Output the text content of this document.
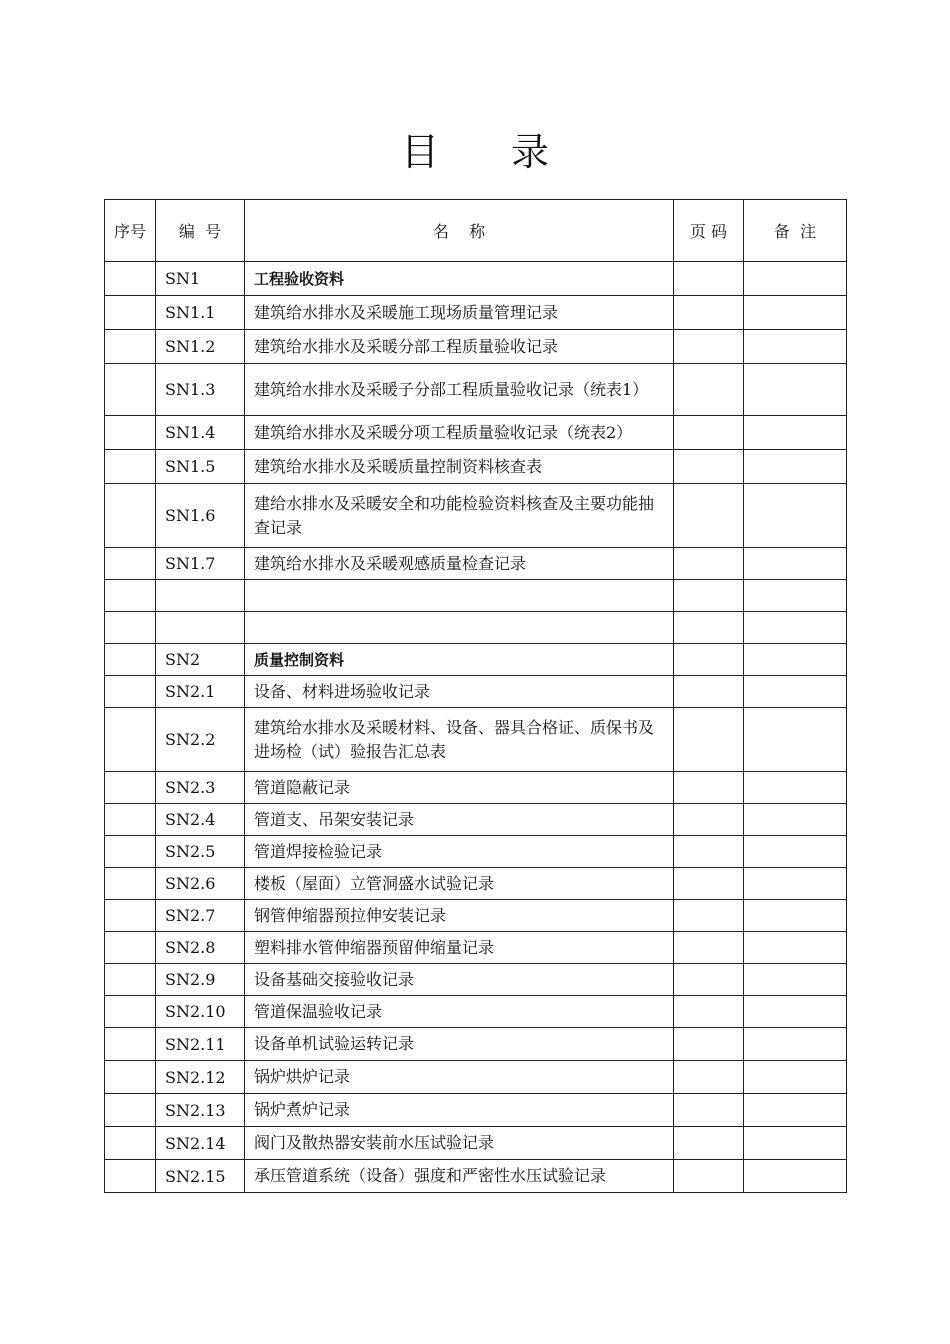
目 录
序号	编  号	名    称	页 码	备  注
	SN1	工程验收资料		
	SN1.1	建筑给水排水及采暖施工现场质量管理记录		
	SN1.2	建筑给水排水及采暖分部工程质量验收记录		
	SN1.3	建筑给水排水及采暖子分部工程质量验收记录（统表1）		
	SN1.4	建筑给水排水及采暖分项工程质量验收记录（统表2）		
	SN1.5	建筑给水排水及采暖质量控制资料核查表		
	SN1.6	建给水排水及采暖安全和功能检验资料核查及主要功能抽查记录		
	SN1.7	建筑给水排水及采暖观感质量检查记录		

	SN2	质量控制资料		
	SN2.1	设备、材料进场验收记录		
	SN2.2	建筑给水排水及采暖材料、设备、器具合格证、质保书及进场检（试）验报告汇总表		
	SN2.3	管道隐蔽记录		
	SN2.4	管道支、吊架安装记录		
	SN2.5	管道焊接检验记录		
	SN2.6	楼板（屋面）立管洞盛水试验记录		
	SN2.7	钢管伸缩器预拉伸安装记录		
	SN2.8	塑料排水管伸缩器预留伸缩量记录		
	SN2.9	设备基础交接验收记录		
	SN2.10	管道保温验收记录		
	SN2.11	设备单机试验运转记录		
	SN2.12	锅炉烘炉记录		
	SN2.13	锅炉煮炉记录		
	SN2.14	阀门及散热器安装前水压试验记录		
	SN2.15	承压管道系统（设备）强度和严密性水压试验记录		
